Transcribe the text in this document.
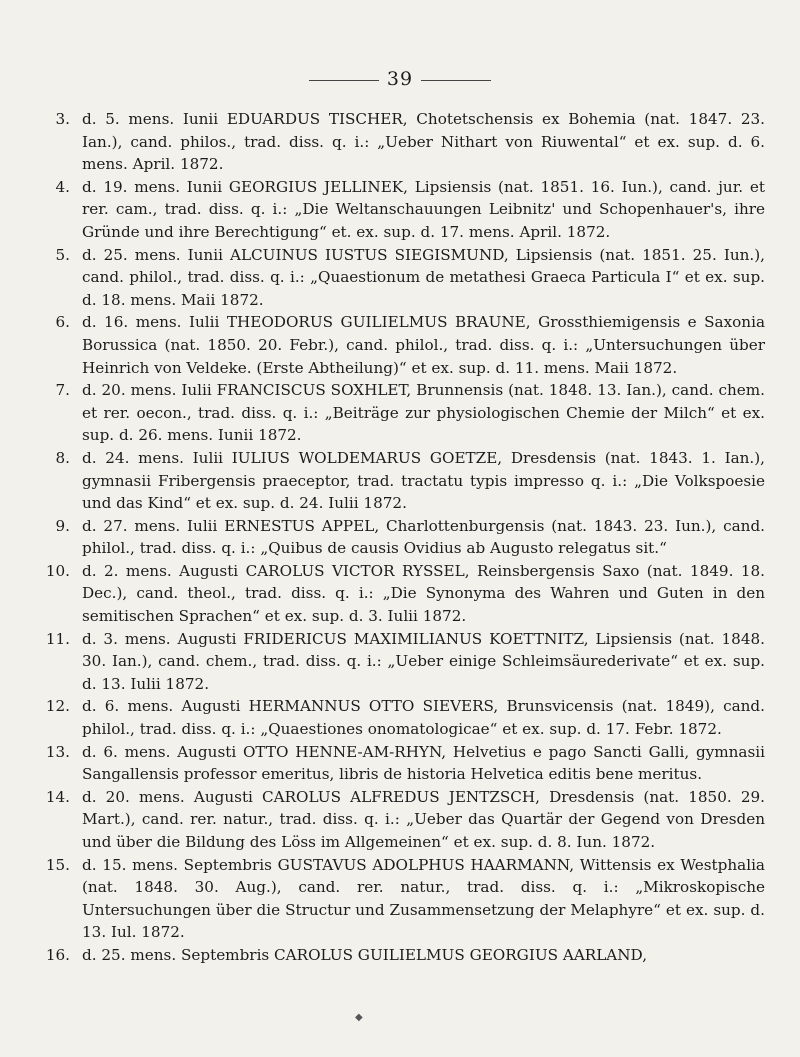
39
3. d. 5. mens. Iunii EDUARDUS TISCHER, Chotetschensis ex Bohemia (nat. 1847. 23. Ian.), cand. philos., trad. diss. q. i.: „Ueber Nithart von Riuwental“ et ex. sup. d. 6. mens. April. 1872.
4. d. 19. mens. Iunii GEORGIUS JELLINEK, Lipsiensis (nat. 1851. 16. Iun.), cand. jur. et rer. cam., trad. diss. q. i.: „Die Weltanschauungen Leibnitz' und Schopenhauer's, ihre Gründe und ihre Berechtigung“ et. ex. sup. d. 17. mens. April. 1872.
5. d. 25. mens. Iunii ALCUINUS IUSTUS SIEGISMUND, Lipsiensis (nat. 1851. 25. Iun.), cand. philol., trad. diss. q. i.: „Quaestionum de metathesi Graeca Particula I“ et ex. sup. d. 18. mens. Maii 1872.
6. d. 16. mens. Iulii THEODORUS GUILIELMUS BRAUNE, Grossthiemigensis e Saxonia Borussica (nat. 1850. 20. Febr.), cand. philol., trad. diss. q. i.: „Untersuchungen über Heinrich von Veldeke. (Erste Abtheilung)“ et ex. sup. d. 11. mens. Maii 1872.
7. d. 20. mens. Iulii FRANCISCUS SOXHLET, Brunnensis (nat. 1848. 13. Ian.), cand. chem. et rer. oecon., trad. diss. q. i.: „Beiträge zur physiologischen Chemie der Milch“ et ex. sup. d. 26. mens. Iunii 1872.
8. d. 24. mens. Iulii IULIUS WOLDEMARUS GOETZE, Dresdensis (nat. 1843. 1. Ian.), gymnasii Fribergensis praeceptor, trad. tractatu typis impresso q. i.: „Die Volkspoesie und das Kind“ et ex. sup. d. 24. Iulii 1872.
9. d. 27. mens. Iulii ERNESTUS APPEL, Charlottenburgensis (nat. 1843. 23. Iun.), cand. philol., trad. diss. q. i.: „Quibus de causis Ovidius ab Augusto relegatus sit.“
10. d. 2. mens. Augusti CAROLUS VICTOR RYSSEL, Reinsbergensis Saxo (nat. 1849. 18. Dec.), cand. theol., trad. diss. q. i.: „Die Synonyma des Wahren und Guten in den semitischen Sprachen“ et ex. sup. d. 3. Iulii 1872.
11. d. 3. mens. Augusti FRIDERICUS MAXIMILIANUS KOETTNITZ, Lipsiensis (nat. 1848. 30. Ian.), cand. chem., trad. diss. q. i.: „Ueber einige Schleimsäurederivate“ et ex. sup. d. 13. Iulii 1872.
12. d. 6. mens. Augusti HERMANNUS OTTO SIEVERS, Brunsvicensis (nat. 1849), cand. philol., trad. diss. q. i.: „Quaestiones onomatologicae“ et ex. sup. d. 17. Febr. 1872.
13. d. 6. mens. Augusti OTTO HENNE-AM-RHYN, Helvetius e pago Sancti Galli, gymnasii Sangallensis professor emeritus, libris de historia Helvetica editis bene meritus.
14. d. 20. mens. Augusti CAROLUS ALFREDUS JENTZSCH, Dresdensis (nat. 1850. 29. Mart.), cand. rer. natur., trad. diss. q. i.: „Ueber das Quartär der Gegend von Dresden und über die Bildung des Löss im Allgemeinen“ et ex. sup. d. 8. Iun. 1872.
15. d. 15. mens. Septembris GUSTAVUS ADOLPHUS HAARMANN, Wittensis ex Westphalia (nat. 1848. 30. Aug.), cand. rer. natur., trad. diss. q. i.: „Mikroskopische Untersuchungen über die Structur und Zusammensetzung der Melaphyre“ et ex. sup. d. 13. Iul. 1872.
16. d. 25. mens. Septembris CAROLUS GUILIELMUS GEORGIUS AARLAND,
◆
